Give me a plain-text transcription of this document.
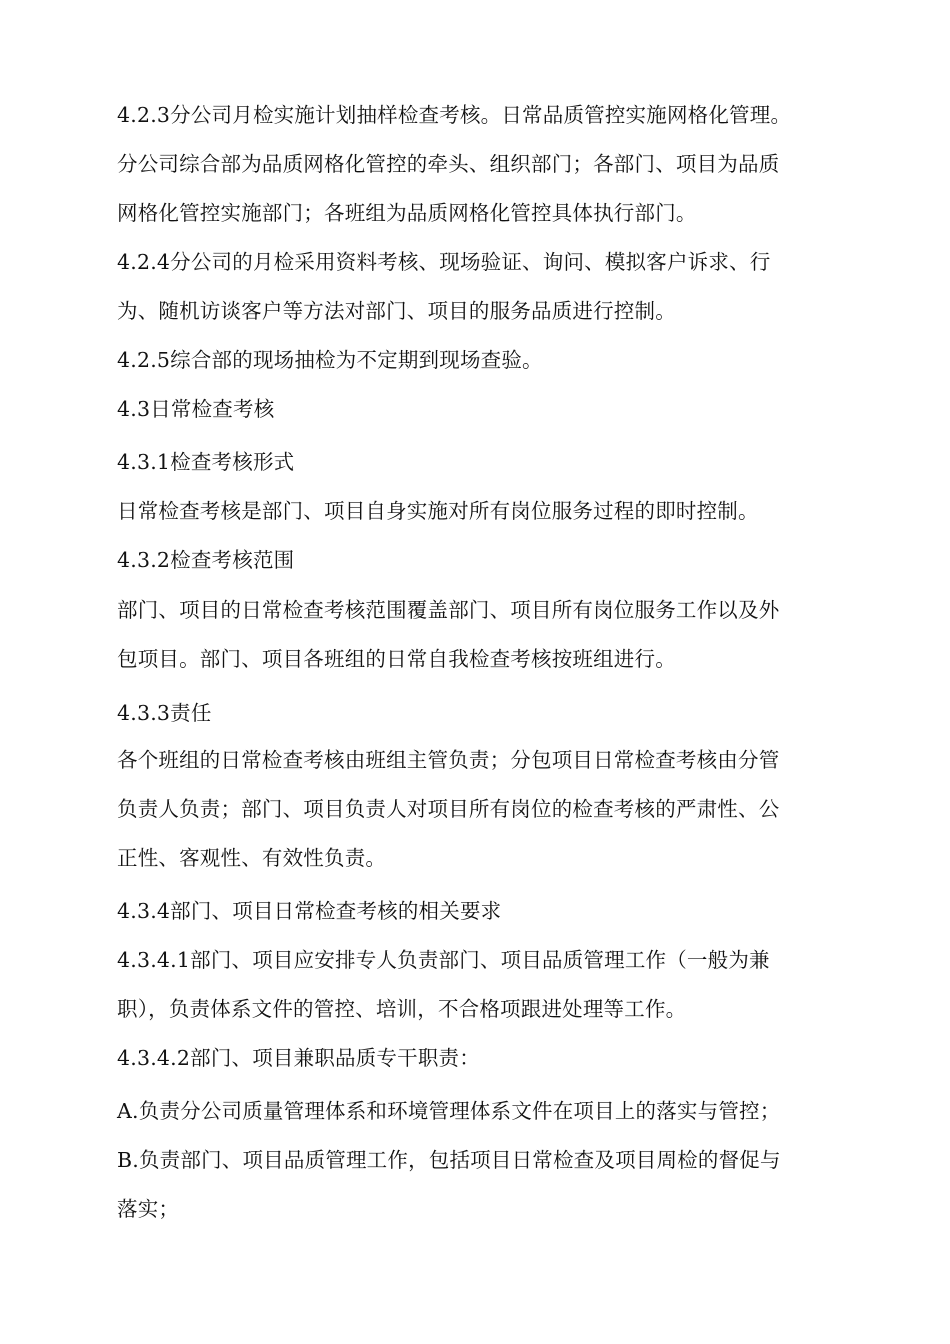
4.2.3分公司月检实施计划抽样检查考核。日常品质管控实施网格化管理。
分公司综合部为品质网格化管控的牵头、组织部门；各部门、项目为品质
网格化管控实施部门；各班组为品质网格化管控具体执行部门。
4.2.4分公司的月检采用资料考核、现场验证、询问、模拟客户诉求、行
为、随机访谈客户等方法对部门、项目的服务品质进行控制。
4.2.5综合部的现场抽检为不定期到现场查验。
4.3日常检查考核
4.3.1检查考核形式
日常检查考核是部门、项目自身实施对所有岗位服务过程的即时控制。
4.3.2检查考核范围
部门、项目的日常检查考核范围覆盖部门、项目所有岗位服务工作以及外
包项目。部门、项目各班组的日常自我检查考核按班组进行。
4.3.3责任
各个班组的日常检查考核由班组主管负责；分包项目日常检查考核由分管
负责人负责；部门、项目负责人对项目所有岗位的检查考核的严肃性、公
正性、客观性、有效性负责。
4.3.4部门、项目日常检查考核的相关要求
4.3.4.1部门、项目应安排专人负责部门、项目品质管理工作（一般为兼
职），负责体系文件的管控、培训，不合格项跟进处理等工作。
4.3.4.2部门、项目兼职品质专干职责：
A.负责分公司质量管理体系和环境管理体系文件在项目上的落实与管控；
B.负责部门、项目品质管理工作，包括项目日常检查及项目周检的督促与
落实；
